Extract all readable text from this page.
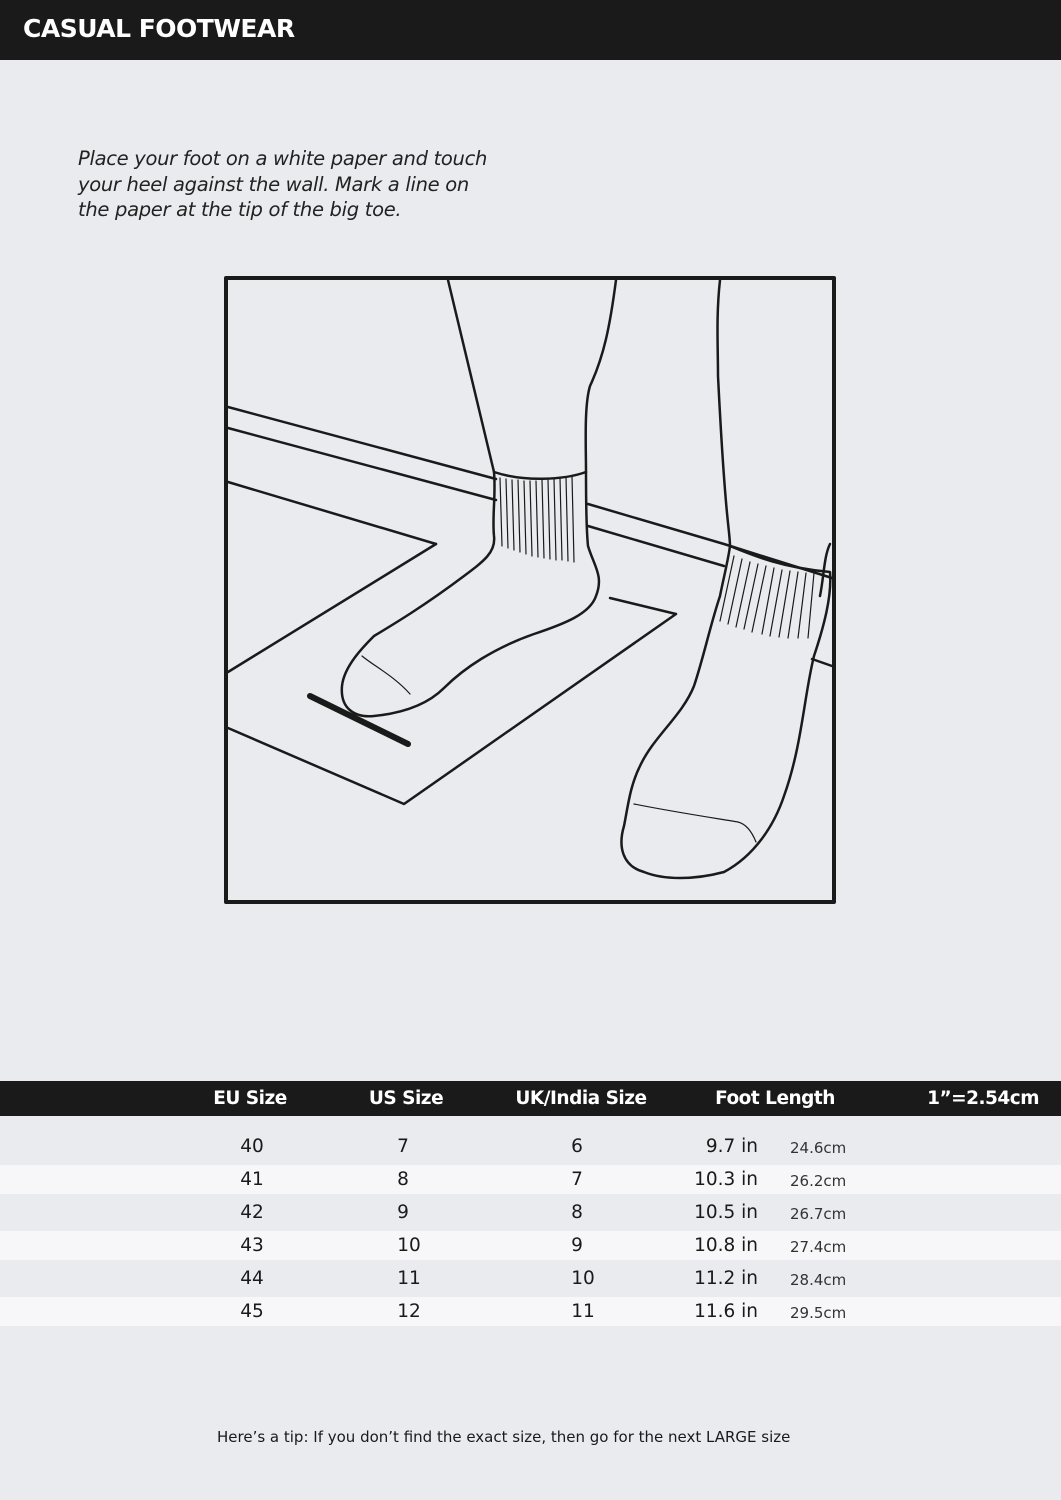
CASUAL FOOTWEAR
Place your foot on a white paper and touch
your heel against the wall. Mark a line on
the paper at the tip of the big toe.
EU Size	US Size	UK/India Size	Foot Length	1”=2.54cm
40	7	6	9.7 in 24.6cm
41	8	7	10.3 in 26.2cm
42	9	8	10.5 in 26.7cm
43	10	9	10.8 in 27.4cm
44	11	10	11.2 in 28.4cm
45	12	11	11.6 in 29.5cm
Here’s a tip: If you don’t find the exact size, then go for the next LARGE size
